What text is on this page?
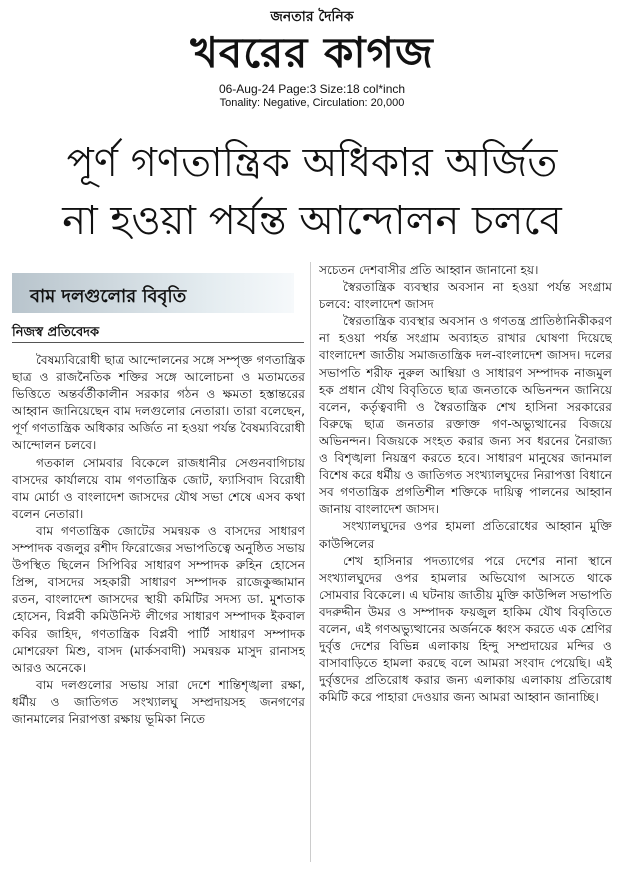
জনতার দৈনিক
খবরের কাগজ
06-Aug-24 Page:3 Size:18 col*inch
Tonality: Negative, Circulation: 20,000
পূর্ণ গণতান্ত্রিক অধিকার অর্জিত
না হওয়া পর্যন্ত আন্দোলন চলবে
বাম দলগুলোর বিবৃতি
নিজস্ব প্রতিবেদক

বৈষম্যবিরোধী ছাত্র আন্দোলনের সঙ্গে সম্পৃক্ত গণতান্ত্রিক ছাত্র ও রাজনৈতিক শক্তির সঙ্গে আলোচনা ও মতামতের ভিত্তিতে অন্তর্বর্তীকালীন সরকার গঠন ও ক্ষমতা হস্তান্তরের আহ্বান জানিয়েছেন বাম দলগুলোর নেতারা। তারা বলেছেন, পূর্ণ গণতান্ত্রিক অধিকার অর্জিত না হওয়া পর্যন্ত বৈষম্যবিরোধী আন্দোলন চলবে।

গতকাল সোমবার বিকেলে রাজধানীর সেগুনবাগিচায় বাসদের কার্যালয়ে বাম গণতান্ত্রিক জোট, ফ্যাসিবাদ বিরোধী বাম মোর্চা ও বাংলাদেশ জাসদের যৌথ সভা শেষে এসব কথা বলেন নেতারা।

বাম গণতান্ত্রিক জোটের সমন্বয়ক ও বাসদের সাধারণ সম্পাদক বজলুর রশীদ ফিরোজের সভাপতিত্বে অনুষ্ঠিত সভায় উপস্থিত ছিলেন সিপিবির সাধারণ সম্পাদক রুহিন হোসেন প্রিন্স, বাসদের সহকারী সাধারণ সম্পাদক রাজেকুজ্জামান রতন, বাংলাদেশ জাসদের স্থায়ী কমিটির সদস্য ডা. মুশতাক হোসেন, বিপ্লবী কমিউনিস্ট লীগের সাধারণ সম্পাদক ইকবাল কবির জাহিদ, গণতান্ত্রিক বিপ্লবী পার্টি সাধারণ সম্পাদক মোশরেফা মিশু, বাসদ (মার্কসবাদী) সমন্বয়ক মাসুদ রানাসহ আরও অনেকে।

বাম দলগুলোর সভায় সারা দেশে শান্তিশৃঙ্খলা রক্ষা, ধর্মীয় ও জাতিগত সংখ্যালঘু সম্প্রদায়সহ জনগণের জানমালের নিরাপত্তা রক্ষায় ভূমিকা নিতে

সচেতন দেশবাসীর প্রতি আহ্বান জানানো হয়।

স্বৈরতান্ত্রিক ব্যবস্থার অবসান না হওয়া পর্যন্ত সংগ্রাম চলবে: বাংলাদেশ জাসদ

স্বৈরতান্ত্রিক ব্যবস্থার অবসান ও গণতন্ত্র প্রাতিষ্ঠানিকীকরণ না হওয়া পর্যন্ত সংগ্রাম অব্যাহত রাখার ঘোষণা দিয়েছে বাংলাদেশ জাতীয় সমাজতান্ত্রিক দল-বাংলাদেশ জাসদ। দলের সভাপতি শরীফ নুরুল আম্বিয়া ও সাধারণ সম্পাদক নাজমুল হক প্রধান যৌথ বিবৃতিতে ছাত্র জনতাকে অভিনন্দন জানিয়ে বলেন, কর্তৃত্ববাদী ও স্বৈরতান্ত্রিক শেখ হাসিনা সরকারের বিরুদ্ধে ছাত্র জনতার রক্তাক্ত গণ-অভ্যুত্থানের বিজয়ে অভিনন্দন। বিজয়কে সংহত করার জন্য সব ধরনের নৈরাজ্য ও বিশৃঙ্খলা নিয়ন্ত্রণ করতে হবে। সাধারণ মানুষের জানমাল বিশেষ করে ধর্মীয় ও জাতিগত সংখ্যালঘুদের নিরাপত্তা বিধানে সব গণতান্ত্রিক প্রগতিশীল শক্তিকে দায়িত্ব পালনের আহ্বান জানায় বাংলাদেশ জাসদ।

সংখ্যালঘুদের ওপর হামলা প্রতিরোধের আহ্বান মুক্তি কাউন্সিলের

শেখ হাসিনার পদত্যাগের পরে দেশের নানা স্থানে সংখ্যালঘুদের ওপর হামলার অভিযোগ আসতে থাকে সোমবার বিকেলে। এ ঘটনায় জাতীয় মুক্তি কাউন্সিল সভাপতি বদরুদ্দীন উমর ও সম্পাদক ফয়জুল হাকিম যৌথ বিবৃতিতে বলেন, এই গণঅভ্যুত্থানের অর্জনকে ধ্বংস করতে এক শ্রেণির দুর্বৃত্ত দেশের বিভিন্ন এলাকায় হিন্দু সম্প্রদায়ের মন্দির ও বাসাবাড়িতে হামলা করছে বলে আমরা সংবাদ পেয়েছি। এই দুর্বৃত্তদের প্রতিরোধ করার জন্য এলাকায় এলাকায় প্রতিরোধ কমিটি করে পাহারা দেওয়ার জন্য আমরা আহ্বান জানাচ্ছি।
